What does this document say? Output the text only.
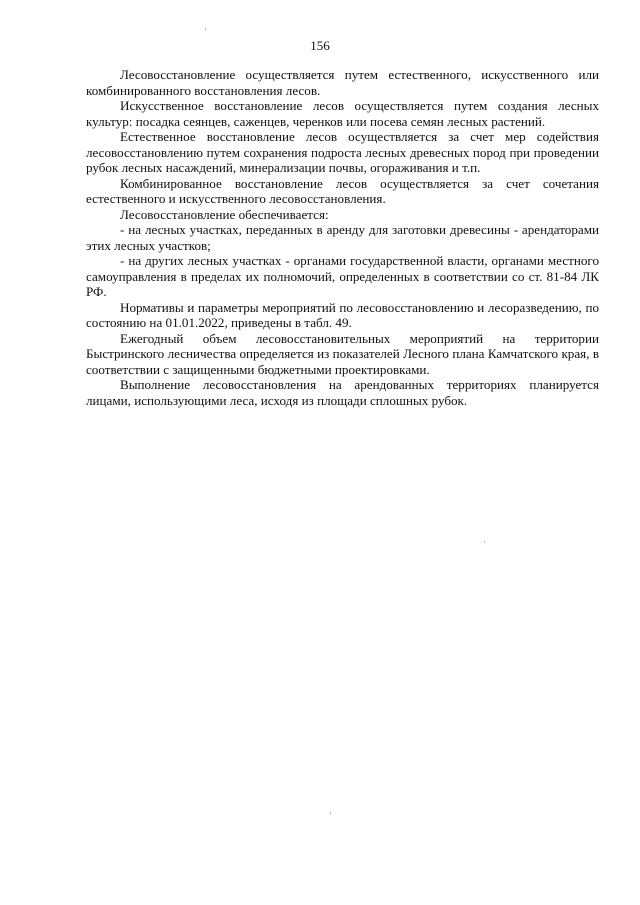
156

Лесовосстановление осуществляется путем естественного, искусственного или комбинированного восстановления лесов.

Искусственное восстановление лесов осуществляется путем создания лесных культур: посадка сеянцев, саженцев, черенков или посева семян лесных растений.

Естественное восстановление лесов осуществляется за счет мер содействия лесовосстановлению путем сохранения подроста лесных древесных пород при проведении рубок лесных насаждений, минерализации почвы, огораживания и т.п.

Комбинированное восстановление лесов осуществляется за счет сочетания естественного и искусственного лесовосстановления.

Лесовосстановление обеспечивается:

- на лесных участках, переданных в аренду для заготовки древесины - арендаторами этих лесных участков;

- на других лесных участках - органами государственной власти, органами местного самоуправления в пределах их полномочий, определенных в соответствии со ст. 81-84 ЛК РФ.

Нормативы и параметры мероприятий по лесовосстановлению и лесоразведению, по состоянию на 01.01.2022, приведены в табл. 49.

Ежегодный объем лесовосстановительных мероприятий на территории Быстринского лесничества определяется из показателей Лесного плана Камчатского края, в соответствии с защищенными бюджетными проектировками.

Выполнение лесовосстановления на арендованных территориях планируется лицами, использующими леса, исходя из площади сплошных рубок.
